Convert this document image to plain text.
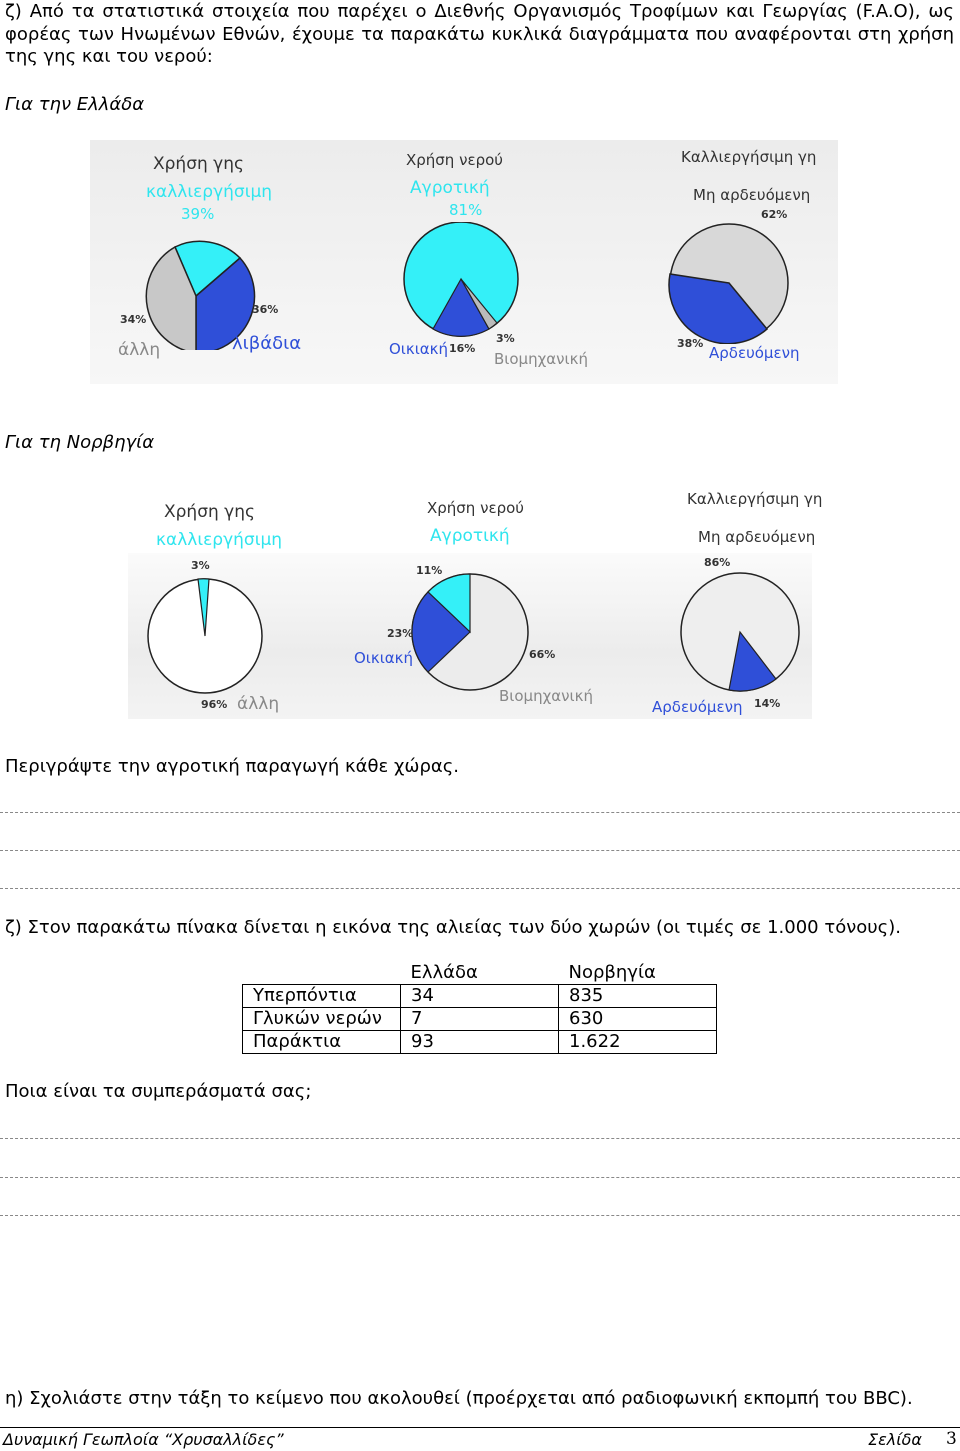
ζ) Από τα στατιστικά στοιχεία που παρέχει ο Διεθνής Οργανισμός Τροφίμων και Γεωργίας (F.A.O), ως φορέας των Ηνωμένων Εθνών, έχουμε τα παρακάτω κυκλικά διαγράμματα που αναφέρονται στη χρήση της γης και του νερού:
Για την Ελλάδα
Χρήση γης
καλλιεργήσιμη
39%
34%
36%
άλλη	λιβάδια
Χρήση νερού
Αγροτική
81%
Οικιακή 16%
3%
Βιομηχανική
Καλλιεργήσιμη γη
Μη αρδευόμενη
62%
38%
Αρδευόμενη
Για τη Νορβηγία
Χρήση γης
καλλιεργήσιμη
3%
96% άλλη
Χρήση νερού
Αγροτική
11%
23%
Οικιακή	66%
Βιομηχανική
Καλλιεργήσιμη γη
Μη αρδευόμενη
86%
Αρδευόμενη 14%
Περιγράψτε την αγροτική παραγωγή κάθε χώρας.
ζ) Στον παρακάτω πίνακα δίνεται η εικόνα της αλιείας των δύο χωρών (οι τιμές σε 1.000 τόνους).
	Ελλάδα	Νορβηγία
Υπερπόντια	34	835
Γλυκών νερών	7	630
Παράκτια	93	1.622
Ποια είναι τα συμπεράσματά σας;
η) Σχολιάστε στην τάξη το κείμενο που ακολουθεί (προέρχεται από ραδιοφωνική εκπομπή του BBC).
Δυναμική Γεωπλοία “Χρυσαλλίδες”	Σελίδα 3
